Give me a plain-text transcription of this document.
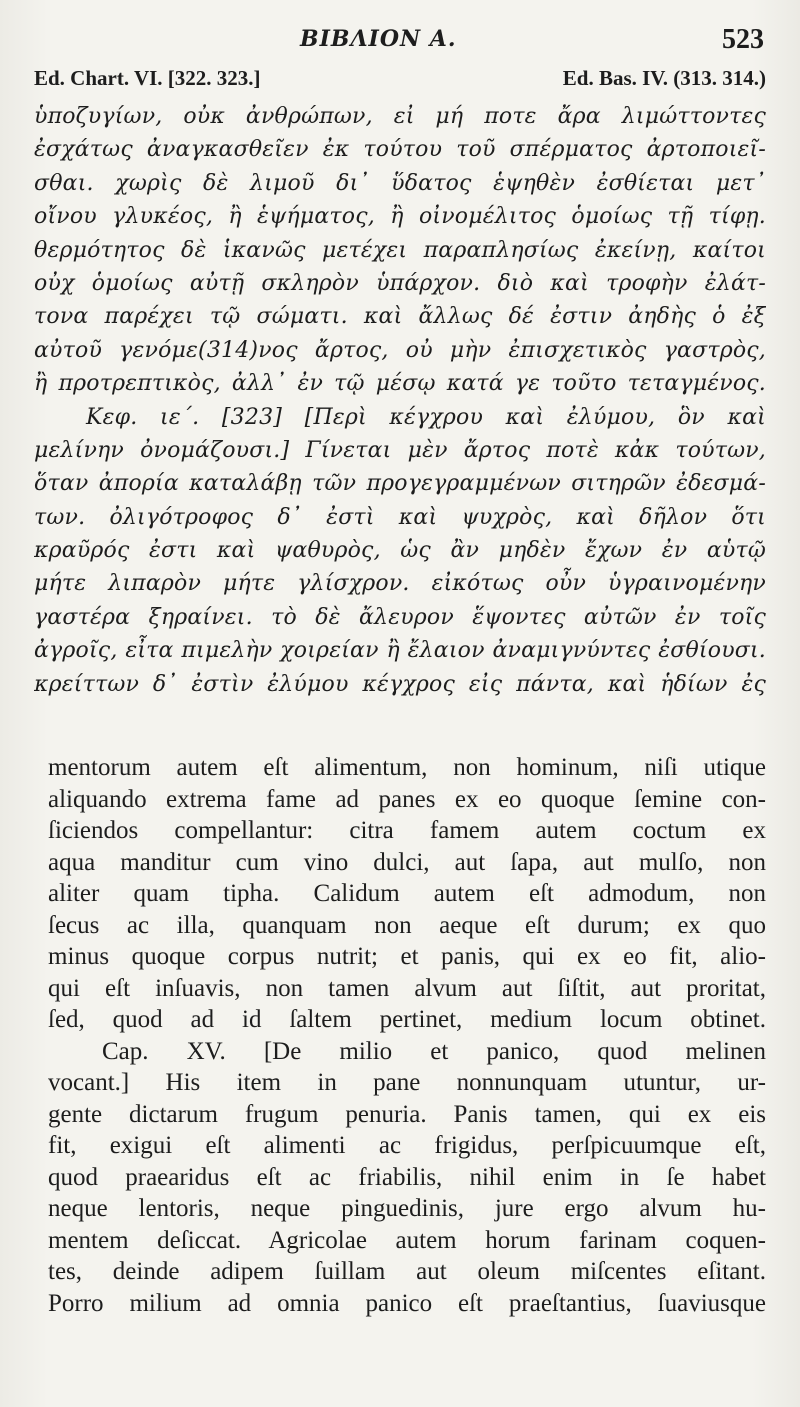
ΒΙΒΛΙΟΝ Α.	523
Ed. Chart. VI. [322. 323.]	Ed. Bas. IV. (313. 314.)
ὑποζυγίων, οὐκ ἀνθρώπων, εἰ μή ποτε ἄρα λιμώττοντες
ἐσχάτως ἀναγκασθεῖεν ἐκ τούτου τοῦ σπέρματος ἀρτοποιεῖ-
σθαι. χωρὶς δὲ λιμοῦ δι᾽ ὕδατος ἑψηθὲν ἐσθίεται μετ᾽
οἴνου γλυκέος, ἢ ἑψήματος, ἢ οἰνομέλιτος ὁμοίως τῇ τίφῃ.
θερμότητος δὲ ἱκανῶς μετέχει παραπλησίως ἐκείνῃ, καίτοι
οὐχ ὁμοίως αὐτῇ σκληρὸν ὑπάρχον. διὸ καὶ τροφὴν ἐλάτ-
τονα παρέχει τῷ σώματι. καὶ ἄλλως δέ ἐστιν ἀηδὴς ὁ ἐξ
αὐτοῦ γενόμε(314)νος ἄρτος, οὐ μὴν ἐπισχετικὸς γαστρὸς,
ἢ προτρεπτικὸς, ἀλλ᾽ ἐν τῷ μέσῳ κατά γε τοῦτο τεταγμένος.
Κεφ. ιε΄. [323] [Περὶ κέγχρου καὶ ἐλύμου, ὃν καὶ
μελίνην ὀνομάζουσι.] Γίνεται μὲν ἄρτος ποτὲ κἀκ τούτων,
ὅταν ἀπορία καταλάβῃ τῶν προγεγραμμένων σιτηρῶν ἐδεσμά-
των. ὀλιγότροφος δ᾽ ἐστὶ καὶ ψυχρὸς, καὶ δῆλον ὅτι
κραῦρός ἐστι καὶ ψαθυρὸς, ὡς ἂν μηδὲν ἔχων ἐν αὑτῷ
μήτε λιπαρὸν μήτε γλίσχρον. εἰκότως οὖν ὑγραινομένην
γαστέρα ξηραίνει. τὸ δὲ ἄλευρον ἕψοντες αὐτῶν ἐν τοῖς
ἀγροῖς, εἶτα πιμελὴν χοιρείαν ἢ ἔλαιον ἀναμιγνύντες ἐσθίουσι.
κρείττων δ᾽ ἐστὶν ἐλύμου κέγχρος εἰς πάντα, καὶ ἡδίων ἐς
mentorum autem eſt alimentum, non hominum, niſi utique
aliquando extrema fame ad panes ex eo quoque ſemine con-
ſiciendos compellantur: citra famem autem coctum ex
aqua manditur cum vino dulci, aut ſapa, aut mulſo, non
aliter quam tipha. Calidum autem eſt admodum, non
ſecus ac illa, quanquam non aeque eſt durum; ex quo
minus quoque corpus nutrit; et panis, qui ex eo fit, alio-
qui eſt inſuavis, non tamen alvum aut ſiſtit, aut proritat,
ſed, quod ad id ſaltem pertinet, medium locum obtinet.
Cap. XV. [De milio et panico, quod melinen
vocant.] His item in pane nonnunquam utuntur, ur-
gente dictarum frugum penuria. Panis tamen, qui ex eis
fit, exigui eſt alimenti ac frigidus, perſpicuumque eſt,
quod praearidus eſt ac friabilis, nihil enim in ſe habet
neque lentoris, neque pinguedinis, jure ergo alvum hu-
mentem deſiccat. Agricolae autem horum farinam coquen-
tes, deinde adipem ſuillam aut oleum miſcentes eſitant.
Porro milium ad omnia panico eſt praeſtantius, ſuaviusque
